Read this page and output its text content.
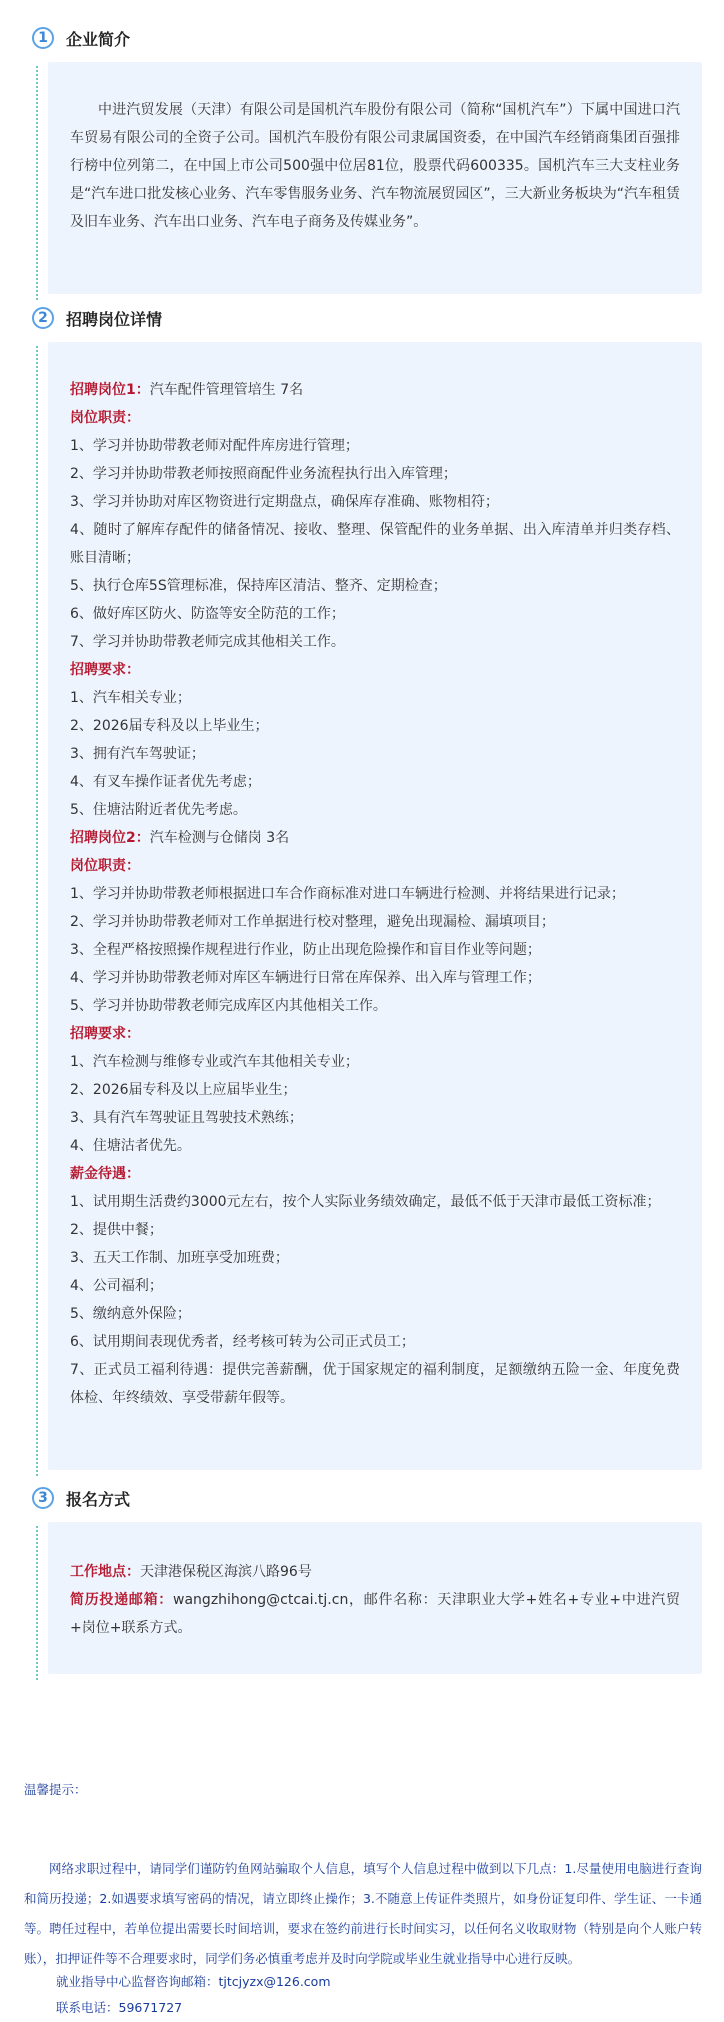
1	企业简介

中进汽贸发展（天津）有限公司是国机汽车股份有限公司（简称“国机汽车”）下属中国进口汽车贸易有限公司的全资子公司。国机汽车股份有限公司隶属国资委，在中国汽车经销商集团百强排行榜中位列第二，在中国上市公司500强中位居81位，股票代码600335。国机汽车三大支柱业务是“汽车进口批发核心业务、汽车零售服务业务、汽车物流展贸园区”，三大新业务板块为“汽车租赁及旧车业务、汽车出口业务、汽车电子商务及传媒业务”。

2	招聘岗位详情

招聘岗位1：汽车配件管理管培生 7名

岗位职责：

1、学习并协助带教老师对配件库房进行管理；

2、学习并协助带教老师按照商配件业务流程执行出入库管理；

3、学习并协助对库区物资进行定期盘点，确保库存准确、账物相符；

4、随时了解库存配件的储备情况、接收、整理、保管配件的业务单据、出入库清单并归类存档、账目清晰；

5、执行仓库5S管理标准，保持库区清洁、整齐、定期检查；

6、做好库区防火、防盗等安全防范的工作；

7、学习并协助带教老师完成其他相关工作。

招聘要求：

1、汽车相关专业；

2、2026届专科及以上毕业生；

3、拥有汽车驾驶证；

4、有叉车操作证者优先考虑；

5、住塘沽附近者优先考虑。

招聘岗位2：汽车检测与仓储岗 3名

岗位职责：

1、学习并协助带教老师根据进口车合作商标准对进口车辆进行检测、并将结果进行记录；

2、学习并协助带教老师对工作单据进行校对整理，避免出现漏检、漏填项目；

3、全程严格按照操作规程进行作业，防止出现危险操作和盲目作业等问题；

4、学习并协助带教老师对库区车辆进行日常在库保养、出入库与管理工作；

5、学习并协助带教老师完成库区内其他相关工作。

招聘要求：

1、汽车检测与维修专业或汽车其他相关专业；

2、2026届专科及以上应届毕业生；

3、具有汽车驾驶证且驾驶技术熟练；

4、住塘沽者优先。

薪金待遇：

1、试用期生活费约3000元左右，按个人实际业务绩效确定，最低不低于天津市最低工资标准；

2、提供中餐；

3、五天工作制、加班享受加班费；

4、公司福利；

5、缴纳意外保险；

6、试用期间表现优秀者，经考核可转为公司正式员工；

7、正式员工福利待遇：提供完善薪酬，优于国家规定的福利制度，足额缴纳五险一金、年度免费体检、年终绩效、享受带薪年假等。

3	报名方式

工作地点：天津港保税区海滨八路96号

简历投递邮箱：wangzhihong@ctcai.tj.cn，邮件名称：天津职业大学+姓名+专业+中进汽贸+岗位+联系方式。

温馨提示：

网络求职过程中，请同学们谨防钓鱼网站骗取个人信息，填写个人信息过程中做到以下几点：1.尽量使用电脑进行查询和简历投递；2.如遇要求填写密码的情况，请立即终止操作；3.不随意上传证件类照片，如身份证复印件、学生证、一卡通等。聘任过程中，若单位提出需要长时间培训，要求在签约前进行长时间实习，以任何名义收取财物（特别是向个人账户转账），扣押证件等不合理要求时，同学们务必慎重考虑并及时向学院或毕业生就业指导中心进行反映。

就业指导中心监督咨询邮箱：tjtcjyzx@126.com
联系电话：59671727
